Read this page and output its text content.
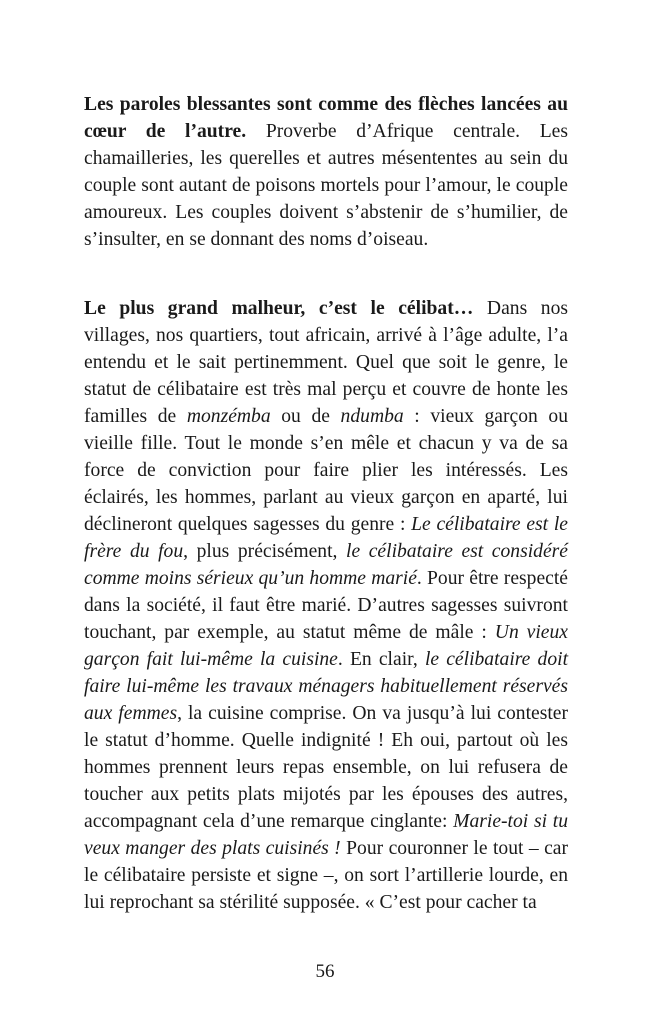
Les paroles blessantes sont comme des flèches lancées au cœur de l’autre. Proverbe d’Afrique centrale. Les chamailleries, les querelles et autres mésententes au sein du couple sont autant de poisons mortels pour l’amour, le couple amoureux. Les couples doivent s’abstenir de s’humilier, de s’insulter, en se donnant des noms d’oiseau.

Le plus grand malheur, c’est le célibat… Dans nos villages, nos quartiers, tout africain, arrivé à l’âge adulte, l’a entendu et le sait pertinemment. Quel que soit le genre, le statut de célibataire est très mal perçu et couvre de honte les familles de monzémba ou de ndumba : vieux garçon ou vieille fille. Tout le monde s’en mêle et chacun y va de sa force de conviction pour faire plier les intéressés. Les éclairés, les hommes, parlant au vieux garçon en aparté, lui déclineront quelques sagesses du genre : Le célibataire est le frère du fou, plus précisément, le célibataire est considéré comme moins sérieux qu’un homme marié. Pour être respecté dans la société, il faut être marié. D’autres sagesses suivront touchant, par exemple, au statut même de mâle : Un vieux garçon fait lui-même la cuisine. En clair, le célibataire doit faire lui-même les travaux ménagers habituellement réservés aux femmes, la cuisine comprise. On va jusqu’à lui contester le statut d’homme. Quelle indignité ! Eh oui, partout où les hommes prennent leurs repas ensemble, on lui refusera de toucher aux petits plats mijotés par les épouses des autres, accompagnant cela d’une remarque cinglante: Marie-toi si tu veux manger des plats cuisinés ! Pour couronner le tout – car le célibataire persiste et signe –, on sort l’artillerie lourde, en lui reprochant sa stérilité supposée. « C’est pour cacher ta

56
